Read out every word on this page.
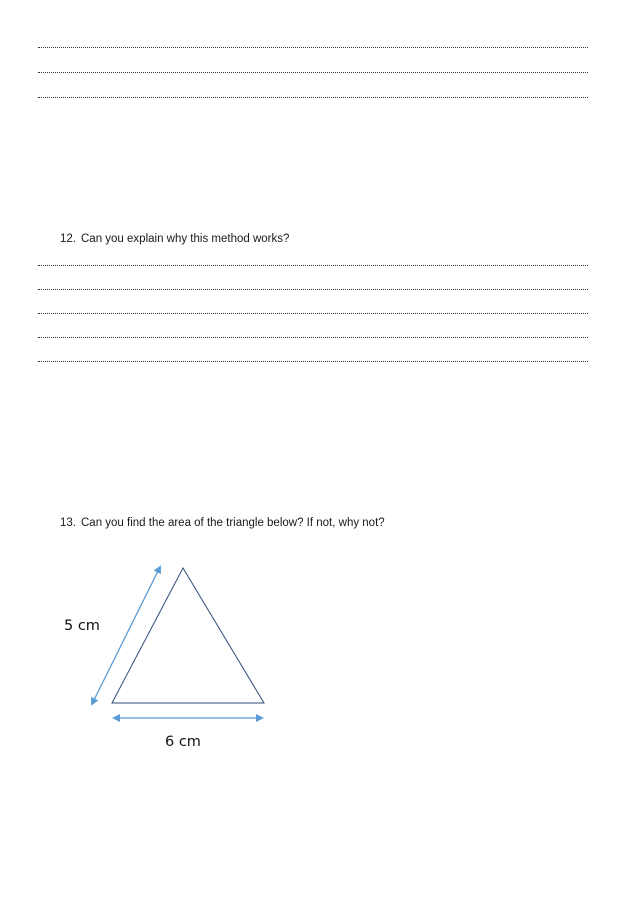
12. Can you explain why this method works?
13. Can you find the area of the triangle below? If not, why not?
5 cm
6 cm
